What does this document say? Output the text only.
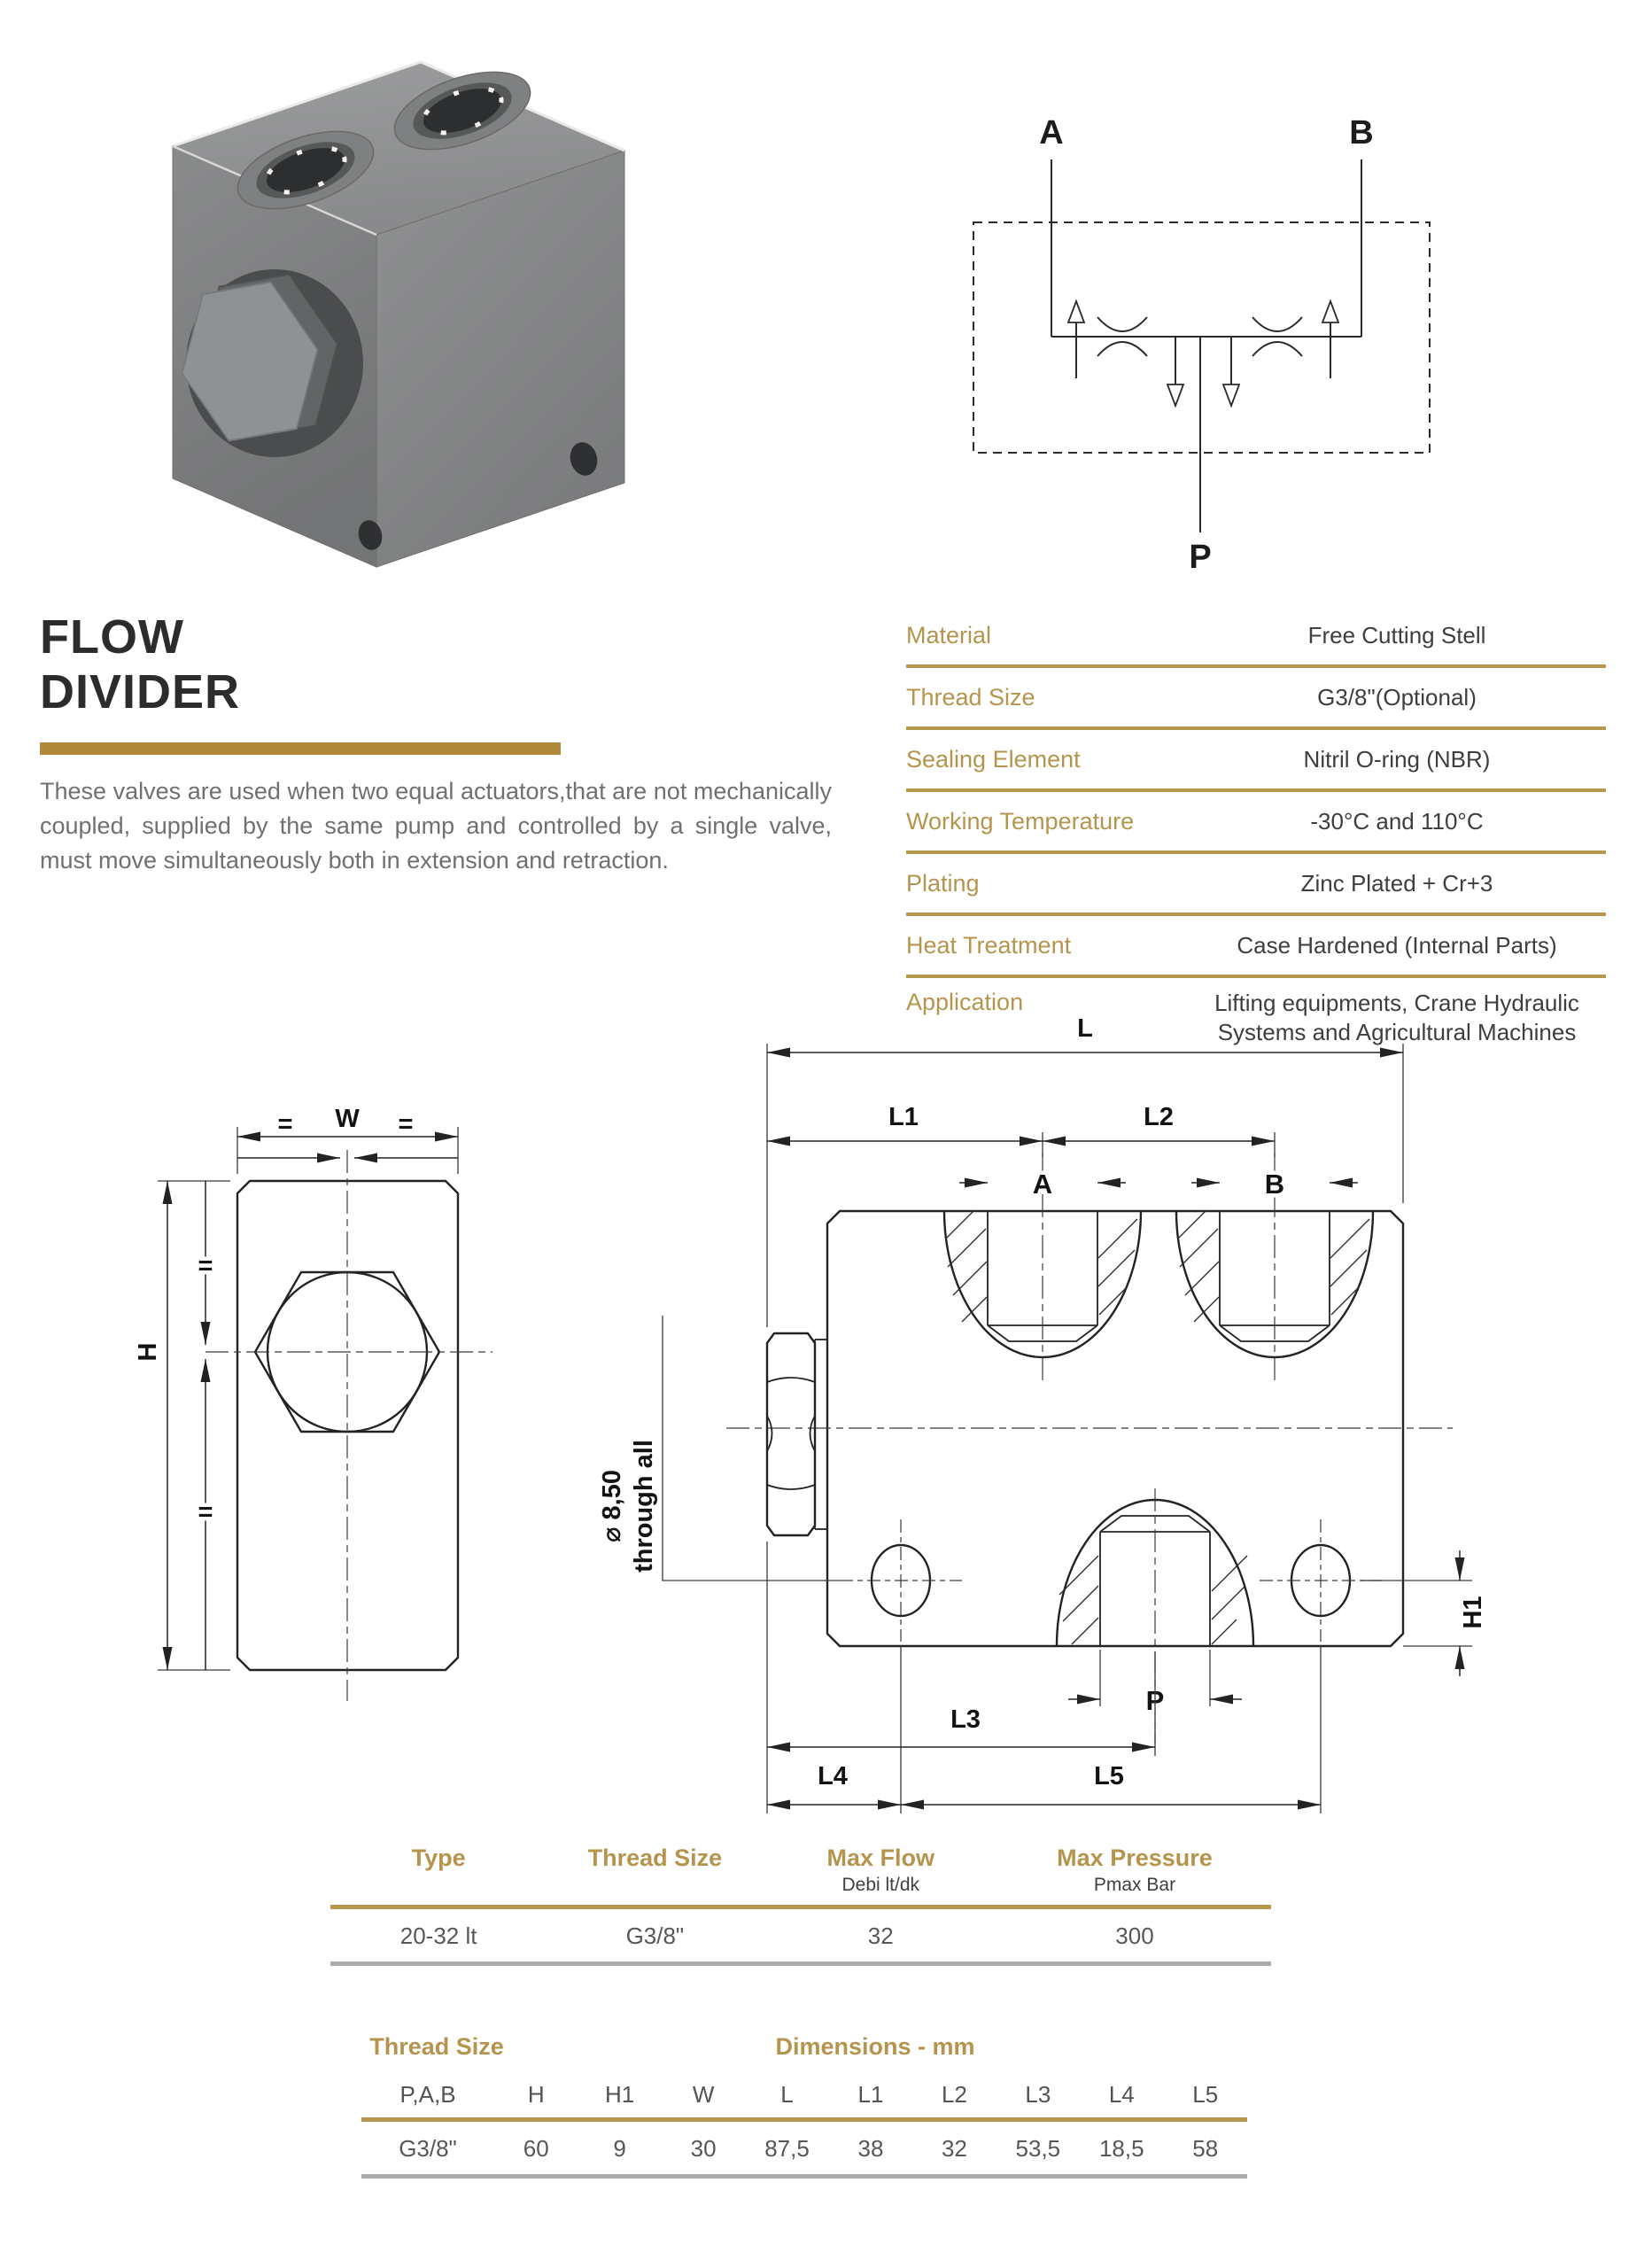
A	B
P
FLOW
DIVIDER
These valves are used when two equal actuators,that are not mechanically coupled, supplied by the same pump and controlled by a single valve, must move simultaneously both in extension and retraction.
Material	Free Cutting Stell
Thread Size	G3/8"(Optional)
Sealing Element	Nitril O-ring (NBR)
Working Temperature	-30°C and 110°C
Plating	Zinc Plated + Cr+3
Heat Treatment	Case Hardened (Internal Parts)
Application	Lifting equipments, Crane Hydraulic Systems and Agricultural Machines
W
=	=
H
=
=	⌀ 8,50 through all
L
L1	L2
A	B
H1
P
L3
L4	L5
Type	Thread Size	Max Flow	Max Pressure
Debi lt/dk	Pmax Bar
20-32 lt	G3/8"	32	300
Thread Size	Dimensions - mm
P,A,B	H	H1	W	L	L1	L2	L3	L4	L5
G3/8"	60	9	30	87,5	38	32	53,5	18,5	58
